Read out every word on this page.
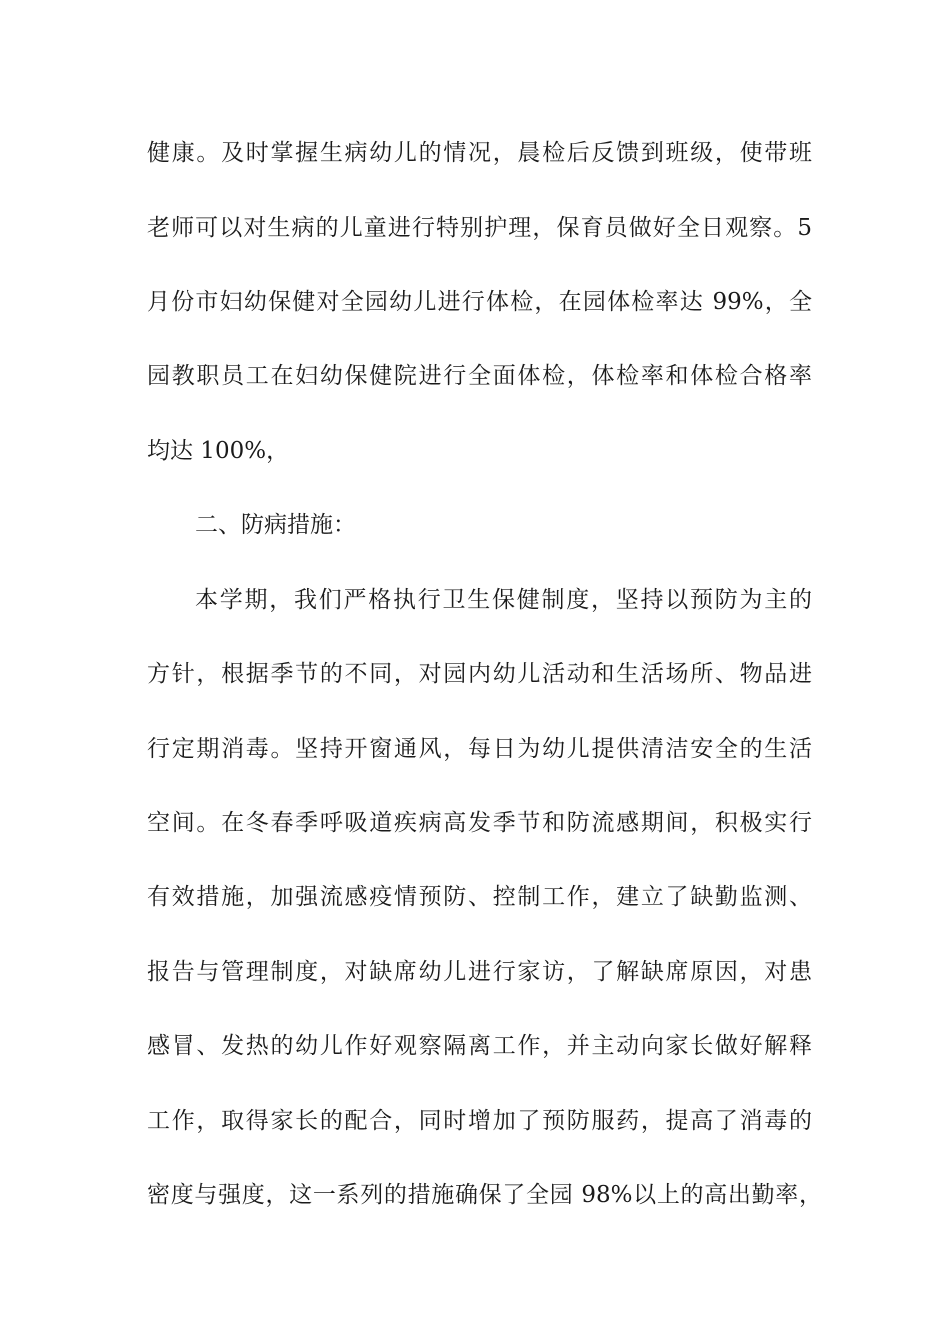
健康。及时掌握生病幼儿的情况，晨检后反馈到班级，使带班
老师可以对生病的儿童进行特别护理，保育员做好全日观察。5
月份市妇幼保健对全园幼儿进行体检，在园体检率达 99%，全
园教职员工在妇幼保健院进行全面体检，体检率和体检合格率
均达 100%，
二、防病措施：
本学期，我们严格执行卫生保健制度，坚持以预防为主的
方针，根据季节的不同，对园内幼儿活动和生活场所、物品进
行定期消毒。坚持开窗通风，每日为幼儿提供清洁安全的生活
空间。在冬春季呼吸道疾病高发季节和防流感期间，积极实行
有效措施，加强流感疫情预防、控制工作，建立了缺勤监测、
报告与管理制度，对缺席幼儿进行家访，了解缺席原因，对患
感冒、发热的幼儿作好观察隔离工作，并主动向家长做好解释
工作，取得家长的配合，同时增加了预防服药，提高了消毒的
密度与强度，这一系列的措施确保了全园 98%以上的高出勤率，
